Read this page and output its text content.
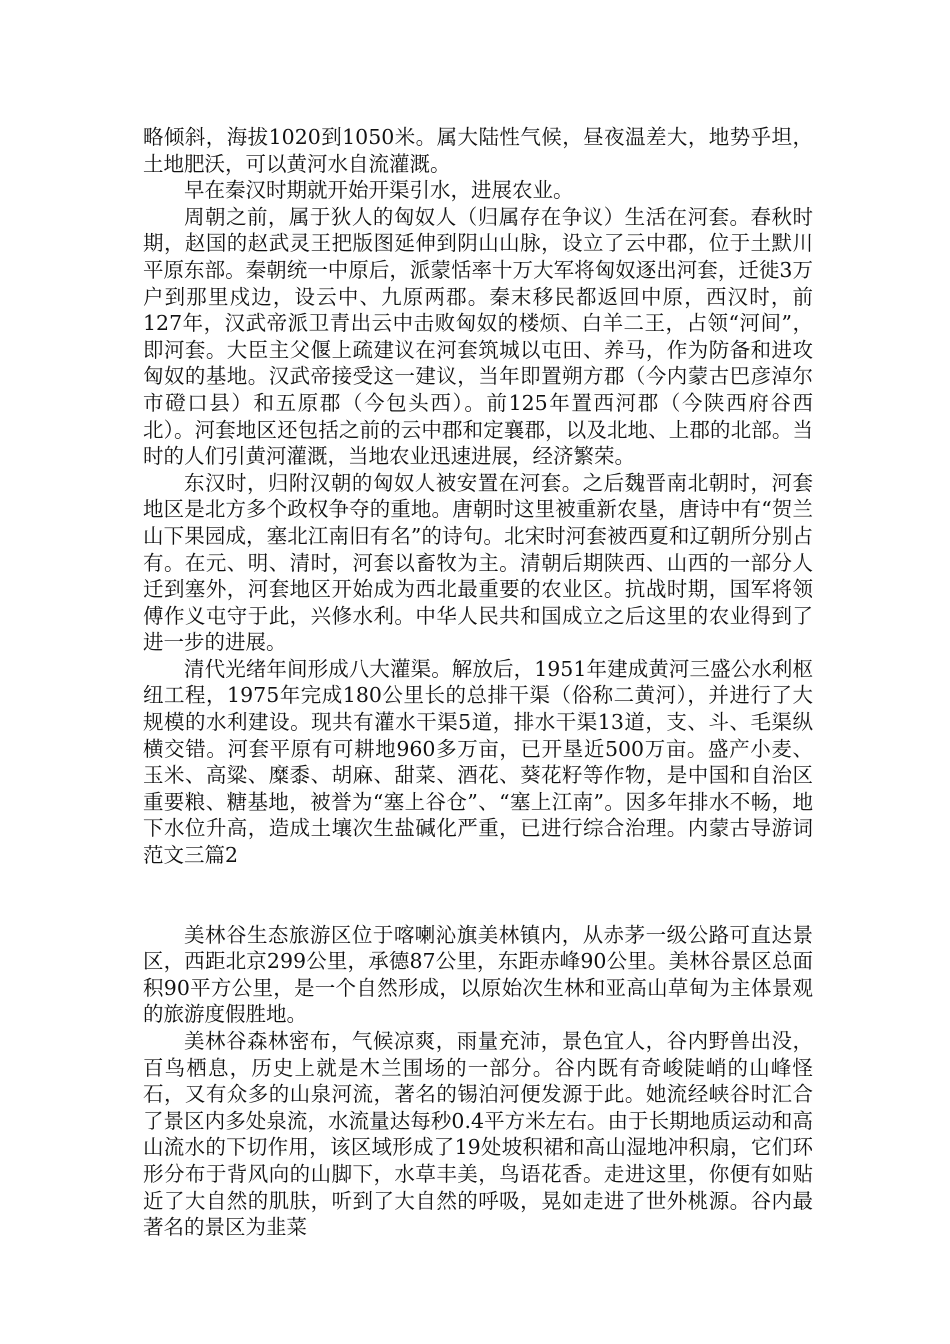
略倾斜，海拔1020到1050米。属大陆性气候，昼夜温差大，地势乎坦，土地肥沃，可以黄河水自流灌溉。

早在秦汉时期就开始开渠引水，进展农业。

周朝之前，属于狄人的匈奴人（归属存在争议）生活在河套。春秋时期，赵国的赵武灵王把版图延伸到阴山山脉，设立了云中郡，位于土默川平原东部。秦朝统一中原后，派蒙恬率十万大军将匈奴逐出河套，迁徙3万户到那里戍边，设云中、九原两郡。秦末移民都返回中原，西汉时，前127年，汉武帝派卫青出云中击败匈奴的楼烦、白羊二王，占领“河间”，即河套。大臣主父偃上疏建议在河套筑城以屯田、养马，作为防备和进攻匈奴的基地。汉武帝接受这一建议，当年即置朔方郡（今内蒙古巴彦淖尔市磴口县）和五原郡（今包头西）。前125年置西河郡（今陕西府谷西北）。河套地区还包括之前的云中郡和定襄郡，以及北地、上郡的北部。当时的人们引黄河灌溉，当地农业迅速进展，经济繁荣。

东汉时，归附汉朝的匈奴人被安置在河套。之后魏晋南北朝时，河套地区是北方多个政权争夺的重地。唐朝时这里被重新农垦，唐诗中有“贺兰山下果园成，塞北江南旧有名”的诗句。北宋时河套被西夏和辽朝所分别占有。在元、明、清时，河套以畜牧为主。清朝后期陕西、山西的一部分人迁到塞外，河套地区开始成为西北最重要的农业区。抗战时期，国军将领傅作义屯守于此，兴修水利。中华人民共和国成立之后这里的农业得到了进一步的进展。

清代光绪年间形成八大灌渠。解放后，1951年建成黄河三盛公水利枢纽工程，1975年完成180公里长的总排干渠（俗称二黄河），并进行了大规模的水利建设。现共有灌水干渠5道，排水干渠13道，支、斗、毛渠纵横交错。河套平原有可耕地960多万亩，已开垦近500万亩。盛产小麦、玉米、高粱、糜黍、胡麻、甜菜、酒花、葵花籽等作物，是中国和自治区重要粮、糖基地，被誉为“塞上谷仓”、“塞上江南”。因多年排水不畅，地下水位升高，造成土壤次生盐碱化严重，已进行综合治理。内蒙古导游词范文三篇2

美林谷生态旅游区位于喀喇沁旗美林镇内，从赤茅一级公路可直达景区，西距北京299公里，承德87公里，东距赤峰90公里。美林谷景区总面积90平方公里，是一个自然形成，以原始次生林和亚高山草甸为主体景观的旅游度假胜地。

美林谷森林密布，气候凉爽，雨量充沛，景色宜人，谷内野兽出没，百鸟栖息，历史上就是木兰围场的一部分。谷内既有奇峻陡峭的山峰怪石，又有众多的山泉河流，著名的锡泊河便发源于此。她流经峡谷时汇合了景区内多处泉流，水流量达每秒0.4平方米左右。由于长期地质运动和高山流水的下切作用，该区域形成了19处坡积裙和高山湿地冲积扇，它们环形分布于背风向的山脚下，水草丰美，鸟语花香。走进这里，你便有如贴近了大自然的肌肤，听到了大自然的呼吸，晃如走进了世外桃源。谷内最著名的景区为韭菜
